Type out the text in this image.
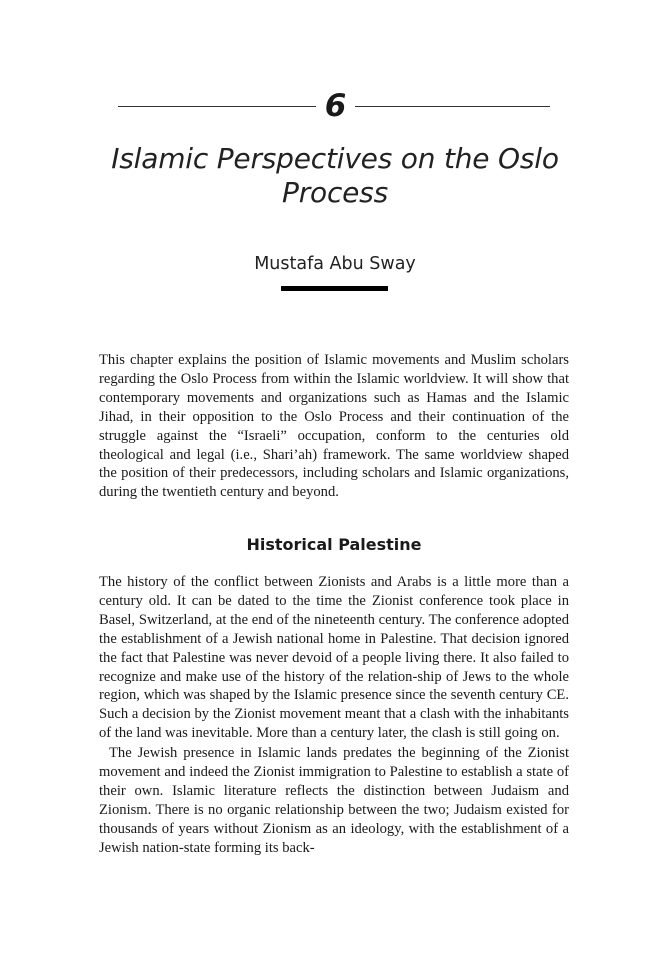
6
Islamic Perspectives on the Oslo Process
Mustafa Abu Sway

This chapter explains the position of Islamic movements and Muslim scholars regarding the Oslo Process from within the Islamic worldview. It will show that contemporary movements and organizations such as Hamas and the Islamic Jihad, in their opposition to the Oslo Process and their continuation of the struggle against the “Israeli” occupation, conform to the centuries old theological and legal (i.e., Shari’ah) framework. The same worldview shaped the position of their predecessors, including scholars and Islamic organizations, during the twentieth century and beyond.

Historical Palestine

The history of the conflict between Zionists and Arabs is a little more than a century old. It can be dated to the time the Zionist conference took place in Basel, Switzerland, at the end of the nineteenth century. The conference adopted the establishment of a Jewish national home in Palestine. That decision ignored the fact that Palestine was never devoid of a people living there. It also failed to recognize and make use of the history of the relation-ship of Jews to the whole region, which was shaped by the Islamic presence since the seventh century CE. Such a decision by the Zionist movement meant that a clash with the inhabitants of the land was inevitable. More than a century later, the clash is still going on.

The Jewish presence in Islamic lands predates the beginning of the Zionist movement and indeed the Zionist immigration to Palestine to establish a state of their own. Islamic literature reflects the distinction between Judaism and Zionism. There is no organic relationship between the two; Judaism existed for thousands of years without Zionism as an ideology, with the establishment of a Jewish nation-state forming its back-
